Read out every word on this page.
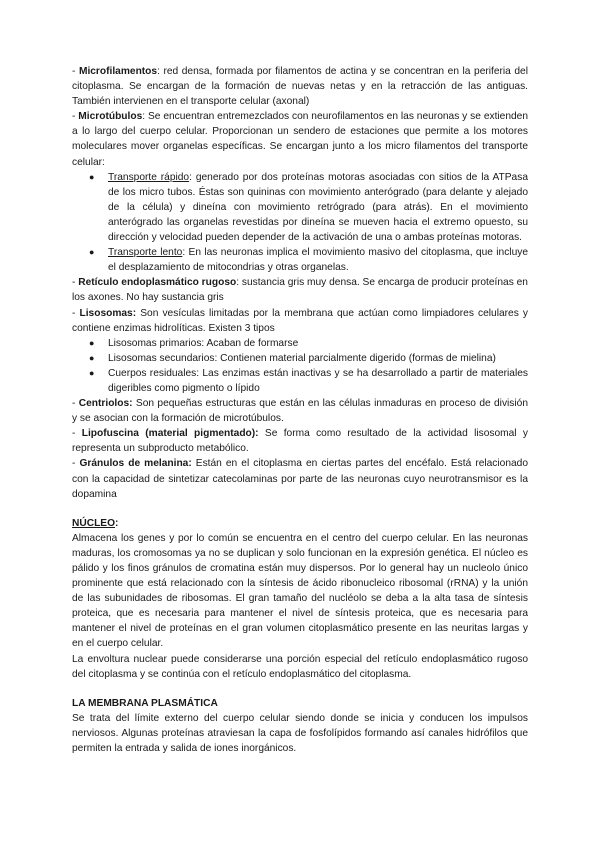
- Microfilamentos: red densa, formada por filamentos de actina y se concentran en la periferia del citoplasma. Se encargan de la formación de nuevas netas y en la retracción de las antiguas. También intervienen en el transporte celular (axonal)

- Microtúbulos: Se encuentran entremezclados con neurofilamentos en las neuronas y se extienden a lo largo del cuerpo celular. Proporcionan un sendero de estaciones que permite a los motores moleculares mover organelas específicas. Se encargan junto a los micro filamentos del transporte celular:

● Transporte rápido: generado por dos proteínas motoras asociadas con sitios de la ATPasa de los micro tubos. Éstas son quininas con movimiento anterógrado (para delante y alejado de la célula) y dineína con movimiento retrógrado (para atrás). En el movimiento anterógrado las organelas revestidas por dineína se mueven hacia el extremo opuesto, su dirección y velocidad pueden depender de la activación de una o ambas proteínas motoras.
● Transporte lento: En las neuronas implica el movimiento masivo del citoplasma, que incluye el desplazamiento de mitocondrias y otras organelas.

- Retículo endoplasmático rugoso: sustancia gris muy densa. Se encarga de producir proteínas en los axones. No hay sustancia gris

- Lisosomas: Son vesículas limitadas por la membrana que actúan como limpiadores celulares y contiene enzimas hidrolíticas. Existen 3 tipos

● Lisosomas primarios: Acaban de formarse
● Lisosomas secundarios: Contienen material parcialmente digerido (formas de mielina)
● Cuerpos residuales: Las enzimas están inactivas y se ha desarrollado a partir de materiales digeribles como pigmento o lípido

- Centriolos: Son pequeñas estructuras que están en las células inmaduras en proceso de división y se asocian con la formación de microtúbulos.

- Lipofuscina (material pigmentado): Se forma como resultado de la actividad lisosomal y representa un subproducto metabólico.

- Gránulos de melanina: Están en el citoplasma en ciertas partes del encéfalo. Está relacionado con la capacidad de sintetizar catecolaminas por parte de las neuronas cuyo neurotransmisor es la dopamina

NÚCLEO:

Almacena los genes y por lo común se encuentra en el centro del cuerpo celular. En las neuronas maduras, los cromosomas ya no se duplican y solo funcionan en la expresión genética. El núcleo es pálido y los finos gránulos de cromatina están muy dispersos. Por lo general hay un nucleolo único prominente que está relacionado con la síntesis de ácido ribonucleico ribosomal (rRNA) y la unión de las subunidades de ribosomas. El gran tamaño del nucléolo se deba a la alta tasa de síntesis proteica, que es necesaria para mantener el nivel de síntesis proteica, que es necesaria para mantener el nivel de proteínas en el gran volumen citoplasmático presente en las neuritas largas y en el cuerpo celular.

La envoltura nuclear puede considerarse una porción especial del retículo endoplasmático rugoso del citoplasma y se continúa con el retículo endoplasmático del citoplasma.

LA MEMBRANA PLASMÁTICA

Se trata del límite externo del cuerpo celular siendo donde se inicia y conducen los impulsos nerviosos. Algunas proteínas atraviesan la capa de fosfolípidos formando así canales hidrófilos que permiten la entrada y salida de iones inorgánicos.
